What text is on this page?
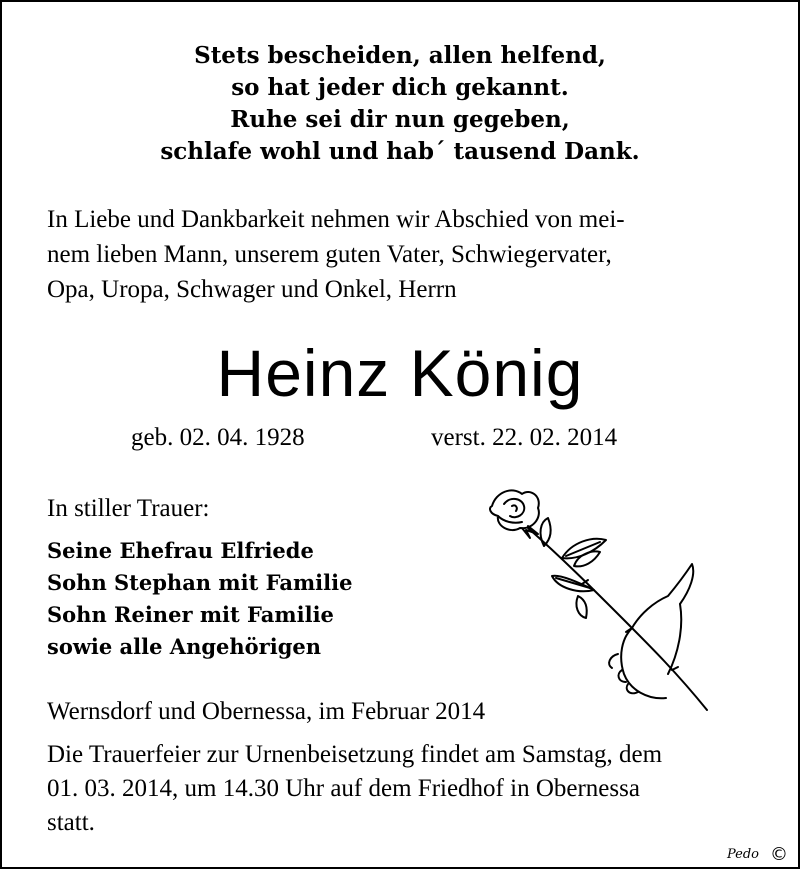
Stets bescheiden, allen helfend,
so hat jeder dich gekannt.
Ruhe sei dir nun gegeben,
schlafe wohl und hab´ tausend Dank.
In Liebe und Dankbarkeit nehmen wir Abschied von mei-
nem lieben Mann, unserem guten Vater, Schwiegervater,
Opa, Uropa, Schwager und Onkel, Herrn
Heinz König
geb. 02. 04. 1928	verst. 22. 02. 2014
In stiller Trauer:
Seine Ehefrau Elfriede
Sohn Stephan mit Familie
Sohn Reiner mit Familie
sowie alle Angehörigen
Wernsdorf und Obernessa, im Februar 2014
Die Trauerfeier zur Urnenbeisetzung findet am Samstag, dem
01. 03. 2014, um 14.30 Uhr auf dem Friedhof in Obernessa
statt.
Pedo ©
